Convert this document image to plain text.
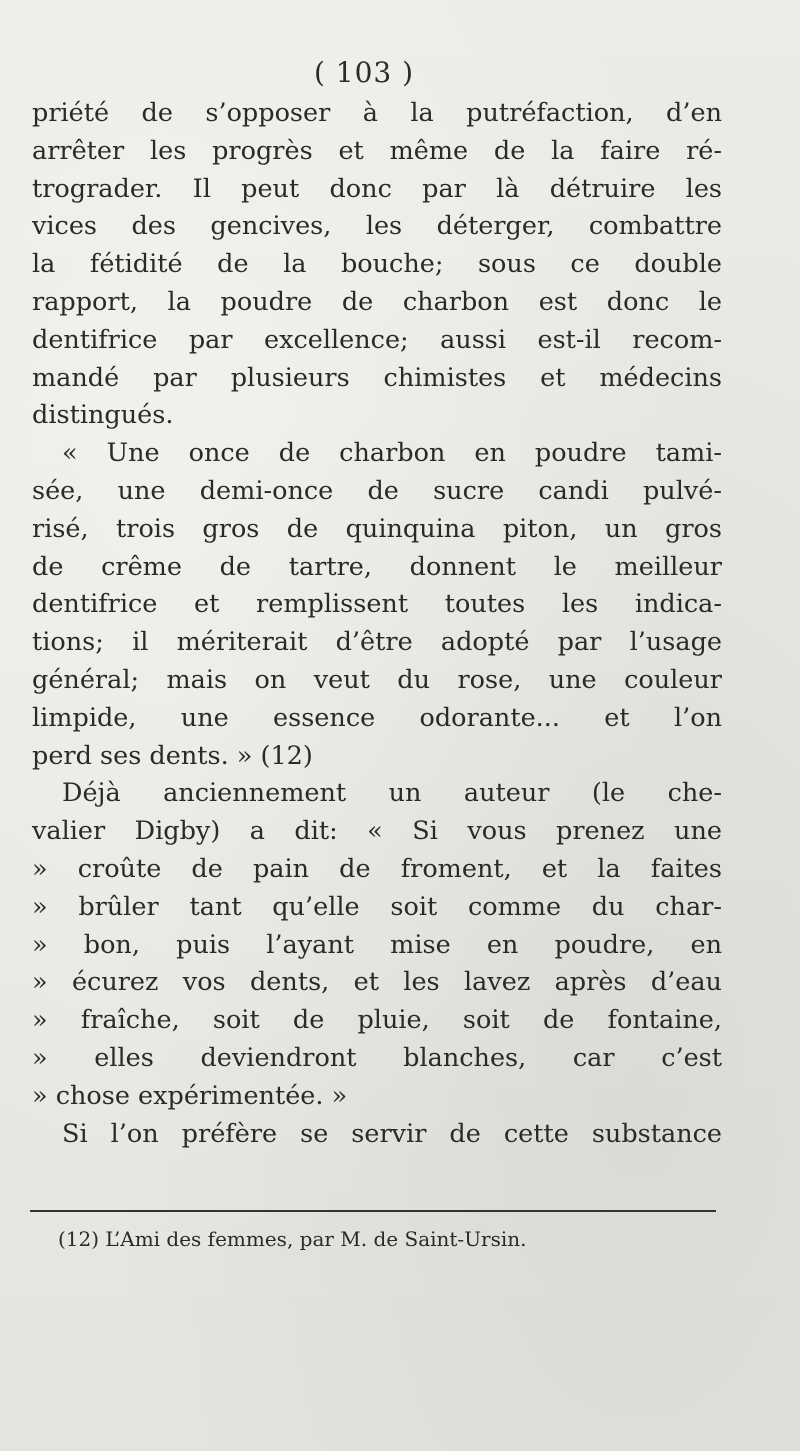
( 103 )
priété de s’opposer à la putréfaction, d’en
arrêter les progrès et même de la faire ré-
trograder. Il peut donc par là détruire les
vices des gencives, les déterger, combattre
la fétidité de la bouche; sous ce double
rapport, la poudre de charbon est donc le
dentifrice par excellence; aussi est-il recom-
mandé par plusieurs chimistes et médecins
distingués.
« Une once de charbon en poudre tami-
sée, une demi-once de sucre candi pulvé-
risé, trois gros de quinquina piton, un gros
de crême de tartre, donnent le meilleur
dentifrice et remplissent toutes les indica-
tions; il mériterait d’être adopté par l’usage
général; mais on veut du rose, une couleur
limpide, une essence odorante... et l’on
perd ses dents. » (12)
Déjà anciennement un auteur (le che-
valier Digby) a dit: « Si vous prenez une
» croûte de pain de froment, et la faites
» brûler tant qu’elle soit comme du char-
» bon, puis l’ayant mise en poudre, en
» écurez vos dents, et les lavez après d’eau
» fraîche, soit de pluie, soit de fontaine,
» elles deviendront blanches, car c’est
» chose expérimentée. »
Si l’on préfère se servir de cette substance
(12) L’Ami des femmes, par M. de Saint-Ursin.
